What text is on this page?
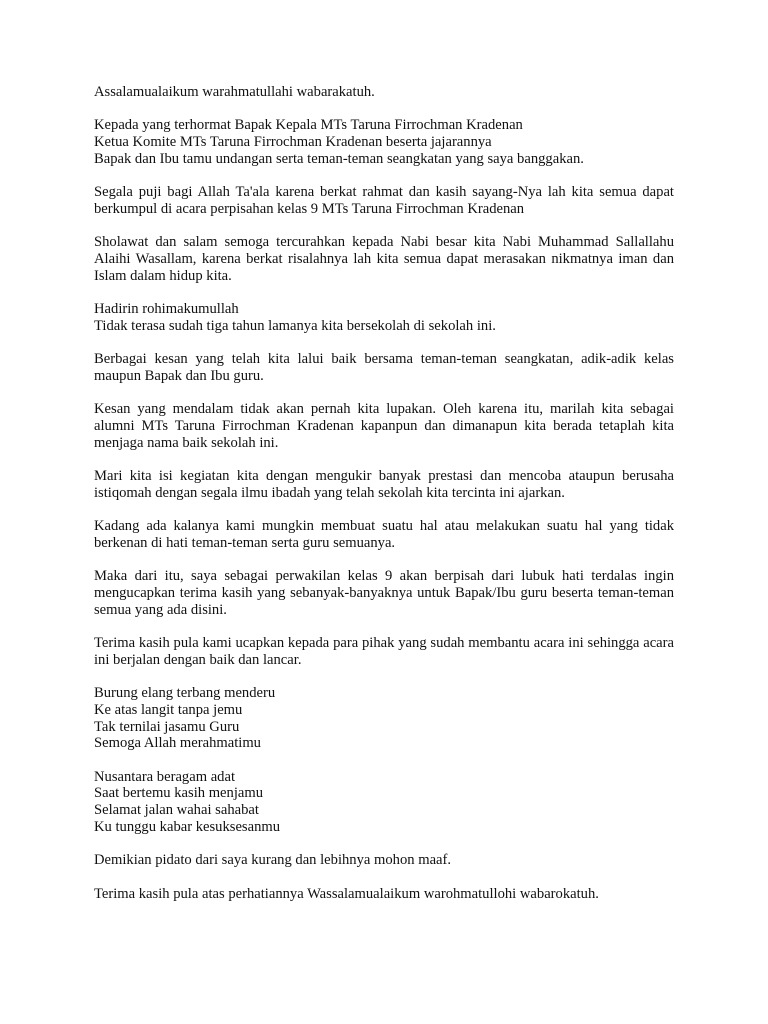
Assalamualaikum warahmatullahi wabarakatuh.

Kepada yang terhormat Bapak Kepala MTs Taruna Firrochman Kradenan
Ketua Komite MTs Taruna Firrochman Kradenan beserta jajarannya
Bapak dan Ibu tamu undangan serta teman-teman seangkatan yang saya banggakan.

Segala puji bagi Allah Ta'ala karena berkat rahmat dan kasih sayang-Nya lah kita semua dapat berkumpul di acara perpisahan kelas 9 MTs Taruna Firrochman Kradenan

Sholawat dan salam semoga tercurahkan kepada Nabi besar kita Nabi Muhammad Sallallahu Alaihi Wasallam, karena berkat risalahnya lah kita semua dapat merasakan nikmatnya iman dan Islam dalam hidup kita.

Hadirin rohimakumullah
Tidak terasa sudah tiga tahun lamanya kita bersekolah di sekolah ini.

Berbagai kesan yang telah kita lalui baik bersama teman-teman seangkatan, adik-adik kelas maupun Bapak dan Ibu guru.

Kesan yang mendalam tidak akan pernah kita lupakan. Oleh karena itu, marilah kita sebagai alumni MTs Taruna Firrochman Kradenan kapanpun dan dimanapun kita berada tetaplah kita menjaga nama baik sekolah ini.

Mari kita isi kegiatan kita dengan mengukir banyak prestasi dan mencoba ataupun berusaha istiqomah dengan segala ilmu ibadah yang telah sekolah kita tercinta ini ajarkan.

Kadang ada kalanya kami mungkin membuat suatu hal atau melakukan suatu hal yang tidak berkenan di hati teman-teman serta guru semuanya.

Maka dari itu, saya sebagai perwakilan kelas 9 akan berpisah dari lubuk hati terdalas ingin mengucapkan terima kasih yang sebanyak-banyaknya untuk Bapak/Ibu guru beserta teman-teman semua yang ada disini.

Terima kasih pula kami ucapkan kepada para pihak yang sudah membantu acara ini sehingga acara ini berjalan dengan baik dan lancar.

Burung elang terbang menderu
Ke atas langit tanpa jemu
Tak ternilai jasamu Guru
Semoga Allah merahmatimu

Nusantara beragam adat
Saat bertemu kasih menjamu
Selamat jalan wahai sahabat
Ku tunggu kabar kesuksesanmu

Demikian pidato dari saya kurang dan lebihnya mohon maaf.

Terima kasih pula atas perhatiannya Wassalamualaikum warohmatullohi wabarokatuh.
